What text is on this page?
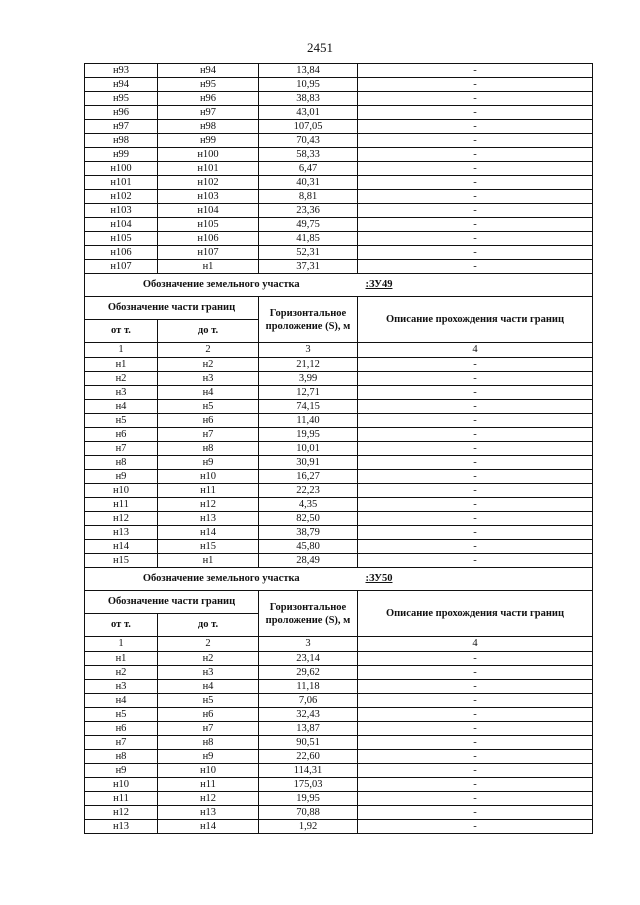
2451
н93	н94	13,84	-
н94	н95	10,95	-
н95	н96	38,83	-
н96	н97	43,01	-
н97	н98	107,05	-
н98	н99	70,43	-
н99	н100	58,33	-
н100	н101	6,47	-
н101	н102	40,31	-
н102	н103	8,81	-
н103	н104	23,36	-
н104	н105	49,75	-
н105	н106	41,85	-
н106	н107	52,31	-
н107	н1	37,31	-
Обозначение земельного участка			:ЗУ49
Обозначение части границ		Горизонтальное проложение (S), м	Описание прохождения части границ
от т.	до т.		
1	2	3	4
н1	н2	21,12	-
н2	н3	3,99	-
н3	н4	12,71	-
н4	н5	74,15	-
н5	н6	11,40	-
н6	н7	19,95	-
н7	н8	10,01	-
н8	н9	30,91	-
н9	н10	16,27	-
н10	н11	22,23	-
н11	н12	4,35	-
н12	н13	82,50	-
н13	н14	38,79	-
н14	н15	45,80	-
н15	н1	28,49	-
Обозначение земельного участка			:ЗУ50
Обозначение части границ		Горизонтальное проложение (S), м	Описание прохождения части границ
от т.	до т.		
1	2	3	4
н1	н2	23,14	-
н2	н3	29,62	-
н3	н4	11,18	-
н4	н5	7,06	-
н5	н6	32,43	-
н6	н7	13,87	-
н7	н8	90,51	-
н8	н9	22,60	-
н9	н10	114,31	-
н10	н11	175,03	-
н11	н12	19,95	-
н12	н13	70,88	-
н13	н14	1,92	-
